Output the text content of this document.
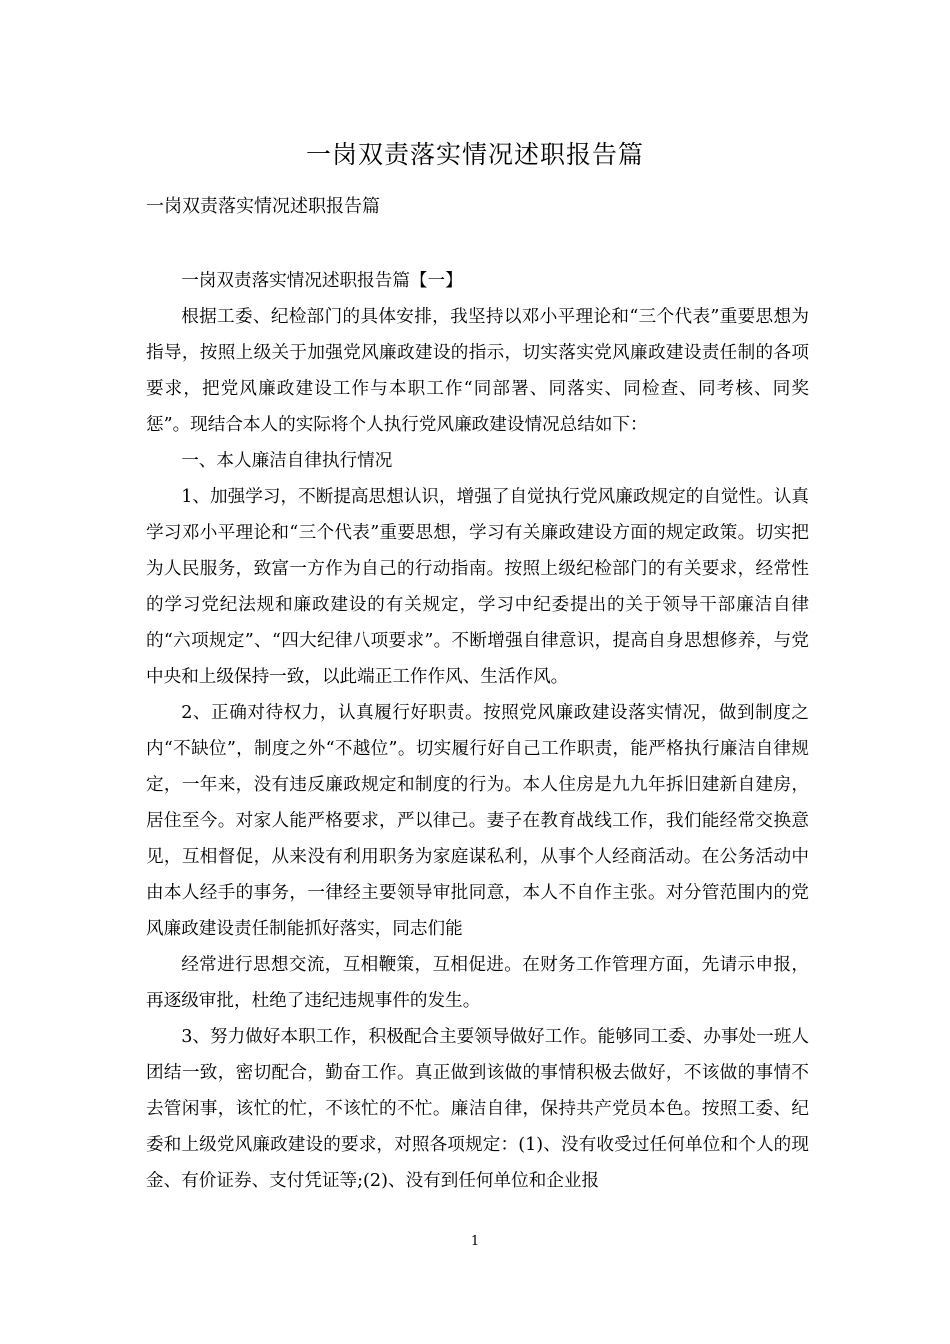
一岗双责落实情况述职报告篇
一岗双责落实情况述职报告篇

一岗双责落实情况述职报告篇【一】

根据工委、纪检部门的具体安排，我坚持以邓小平理论和“三个代表”重要思想为指导，按照上级关于加强党风廉政建设的指示，切实落实党风廉政建设责任制的各项要求，把党风廉政建设工作与本职工作“同部署、同落实、同检查、同考核、同奖惩”。现结合本人的实际将个人执行党风廉政建设情况总结如下：

一、本人廉洁自律执行情况

1、加强学习，不断提高思想认识，增强了自觉执行党风廉政规定的自觉性。认真学习邓小平理论和“三个代表”重要思想，学习有关廉政建设方面的规定政策。切实把为人民服务，致富一方作为自己的行动指南。按照上级纪检部门的有关要求，经常性的学习党纪法规和廉政建设的有关规定，学习中纪委提出的关于领导干部廉洁自律的“六项规定”、“四大纪律八项要求”。不断增强自律意识，提高自身思想修养，与党中央和上级保持一致，以此端正工作作风、生活作风。

2、正确对待权力，认真履行好职责。按照党风廉政建设落实情况，做到制度之内“不缺位”，制度之外“不越位”。切实履行好自己工作职责，能严格执行廉洁自律规定，一年来，没有违反廉政规定和制度的行为。本人住房是九九年拆旧建新自建房，居住至今。对家人能严格要求，严以律己。妻子在教育战线工作，我们能经常交换意见，互相督促，从来没有利用职务为家庭谋私利，从事个人经商活动。在公务活动中由本人经手的事务，一律经主要领导审批同意，本人不自作主张。对分管范围内的党风廉政建设责任制能抓好落实，同志们能

经常进行思想交流，互相鞭策，互相促进。在财务工作管理方面，先请示申报，再逐级审批，杜绝了违纪违规事件的发生。

3、努力做好本职工作，积极配合主要领导做好工作。能够同工委、办事处一班人团结一致，密切配合，勤奋工作。真正做到该做的事情积极去做好，不该做的事情不去管闲事，该忙的忙，不该忙的不忙。廉洁自律，保持共产党员本色。按照工委、纪委和上级党风廉政建设的要求，对照各项规定：(1)、没有收受过任何单位和个人的现金、有价证券、支付凭证等;(2)、没有到任何单位和企业报

1
